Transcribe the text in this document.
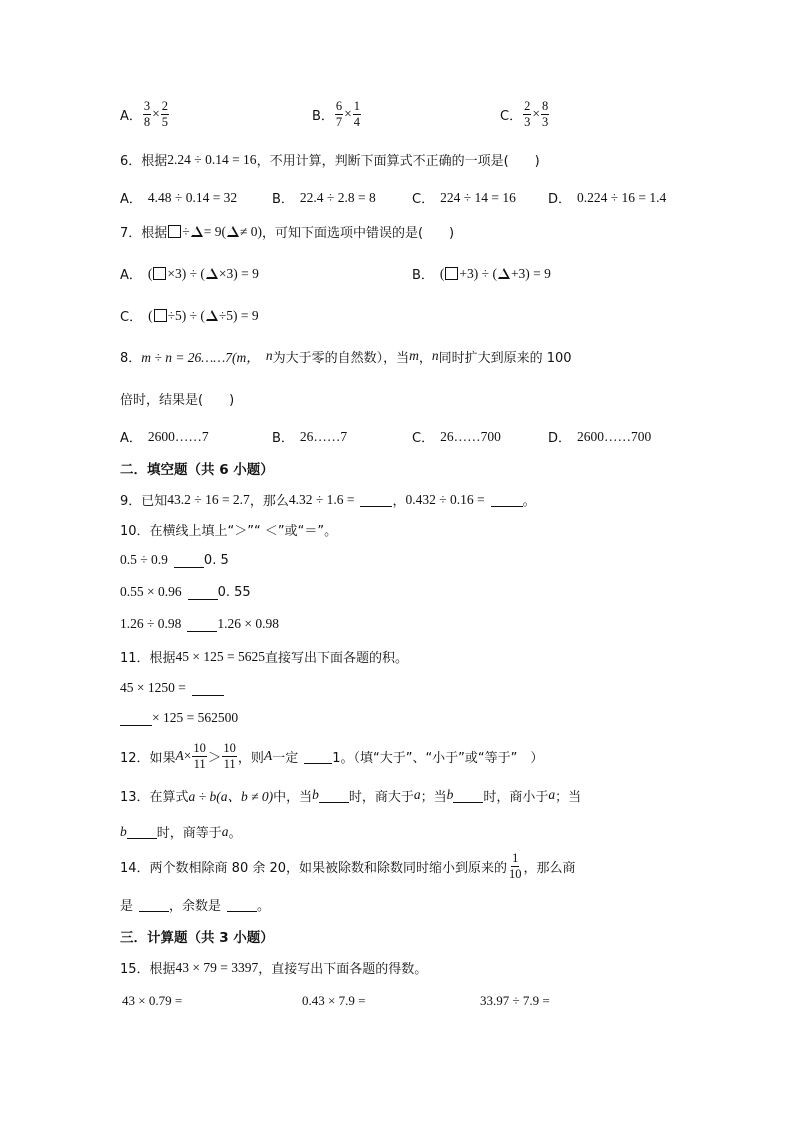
A． $\frac{3}{8} \times \frac{2}{5}$	B． $\frac{6}{7} \times \frac{1}{4}$	C． $\frac{2}{3} \times \frac{8}{3}$
6．根据 2.24 ÷ 0.14 = 16 ，不用计算，判断下面算式不正确的一项是(　　)
A． 4.48 ÷ 0.14 = 32	B． 22.4 ÷ 2.8 = 8	C． 224 ÷ 14 = 16 D． 0.224 ÷ 16 = 1.4
7．根据 ÷ = 9( ≠ 0) ，可知下面选项中错误的是(　　)
A． ( ×3) ÷ ( ×3) = 9	B． ( +3) ÷ ( +3) = 9
C． ( ÷5) ÷ ( ÷5) = 9
8． m ÷ n = 26……7(m， n 为大于零的自然数），当 m ， n 同时扩大到原来的 100
倍时，结果是(　　)
A． 2600……7	B． 26……7	C． 26……700	D． 2600……700
二．填空题（共 6 小题）
9．已知 43.2 ÷ 16 = 2.7 ，那么 4.32 ÷ 1.6 =	， 0.432 ÷ 0.16 =	。
10．在横线上填上“＞”“ ＜”或“＝”。
0.5 ÷ 0.9	0. 5
0.55 × 0.96	0. 55
1.26 ÷ 0.98	1.26 × 0.98
11．根据 45 × 125 = 5625 直接写出下面各题的积。
45 × 1250 =
× 125 = 562500
12．如果 $A \times \frac{10}{11} > \frac{10}{11}$ ，则 A 一定	1。（填“大于”、“小于”或“等于”　）
13．在算式 a ÷ b(a、b ≠ 0) 中，当 b 时，商大于 a ；当 b 时，商小于 a ；当
b 时，商等于 a 。
14．两个数相除商 80 余 20，如果被除数和除数同时缩小到原来的 $\frac{1}{10}$ ，那么商
是	，余数是	。
三．计算题（共 3 小题）
15．根据 43 × 79 = 3397 ，直接写出下面各题的得数。
43 × 0.79 =	0.43 × 7.9 =	33.97 ÷ 7.9 =
